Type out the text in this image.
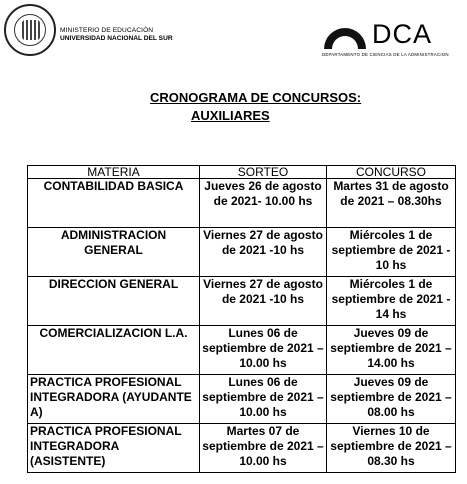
MINISTERIO DE EDUCACIÓN
UNIVERSIDAD NACIONAL DEL SUR	DCA
DEPARTAMENTO DE CIENCIAS DE LA ADMINISTRACION
CRONOGRAMA DE CONCURSOS:
AUXILIARES
MATERIA	SORTEO	CONCURSO
CONTABILIDAD BASICA	Jueves 26 de agosto de 2021- 10.00 hs	Martes 31 de agosto de 2021 – 08.30hs
ADMINISTRACION GENERAL	Viernes 27 de agosto de 2021 -10 hs	Miércoles 1 de septiembre de 2021 - 10 hs
DIRECCION GENERAL	Viernes 27 de agosto de 2021 -10 hs	Miércoles 1 de septiembre de 2021 - 14 hs
COMERCIALIZACION L.A.	Lunes 06 de septiembre de 2021 – 10.00 hs	Jueves 09 de septiembre de 2021 – 14.00 hs
PRACTICA PROFESIONAL INTEGRADORA (AYUDANTE A)	Lunes 06 de septiembre de 2021 – 10.00 hs	Jueves 09 de septiembre de 2021 – 08.00 hs
PRACTICA PROFESIONAL INTEGRADORA (ASISTENTE)	Martes 07 de septiembre de 2021 – 10.00 hs	Viernes 10 de septiembre de 2021 – 08.30 hs
